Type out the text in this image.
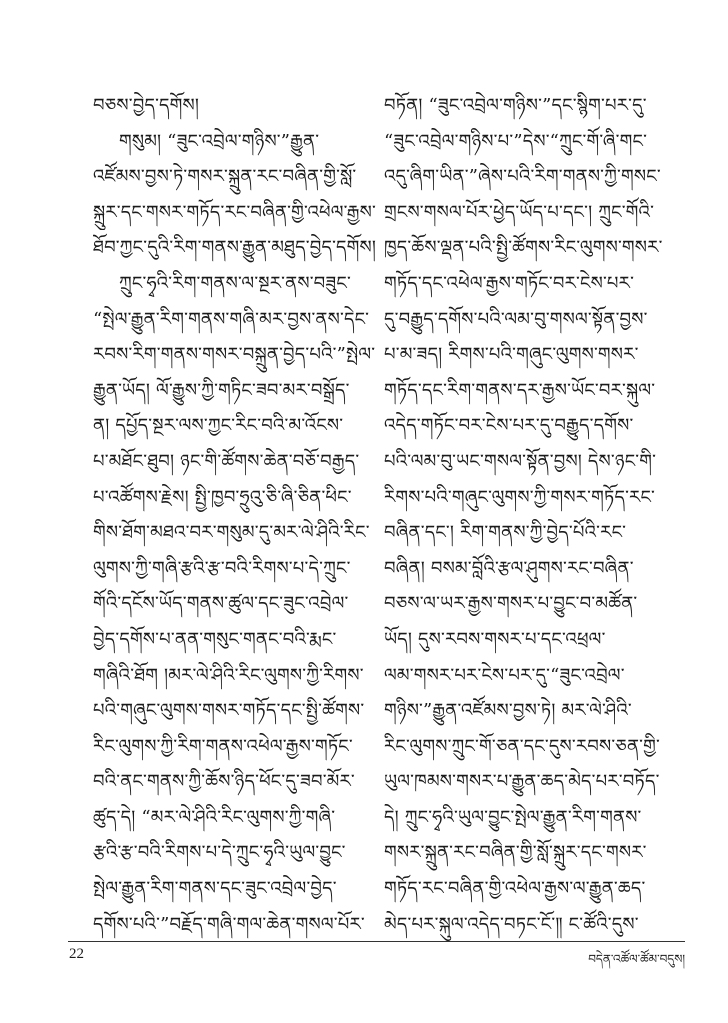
བཅས་བྱེད་དགོས།
གསུམ། “ཟུང་འབྲེལ་གཉིས་”རྒྱུན་
འཛོམས་བྱས་ཏེ་གསར་སྐྲུན་རང་བཞིན་གྱི་སློ་
སྐྲུར་དང་གསར་གཏོད་རང་བཞིན་གྱི་འཕེལ་རྒྱས་
ཐོབ་ཀྱང་དུའི་རིག་གནས་རྒྱུན་མཐུད་བྱེད་དགོས།
ཀྲུང་ཧྭའི་རིག་གནས་ལ་སྔར་ནས་བཟུང་
“སྤེལ་རྒྱུན་རིག་གནས་གཞི་མར་བྱས་ནས་དེང་
རབས་རིག་གནས་གསར་བསྐྲུན་བྱེད་པའི་”སྤེལ་
རྒྱུན་ཡོད། ལོ་རྒྱུས་ཀྱི་གཏིང་ཟབ་མར་བསྒྲོད་
ན། དཔྱོད་སྔར་ལས་ཀྱང་རིང་བའི་མ་འོངས་
པ་མཐོང་ཐུབ། ཉང་གི་ཚོགས་ཆེན་བཅོ་བརྒྱད་
པ་འཚོགས་རྗེས། སྤྱི་ཁྱབ་ཧྲུའུ་ཅི་ཞི་ཅིན་ཕིང་
གིས་ཐོག་མཐའ་བར་གསུམ་དུ་མར་ལེ་ཤིའི་རིང་
ལུགས་ཀྱི་གཞི་རྩའི་རྩ་བའི་རིགས་པ་དེ་ཀྲུང་
གོའི་དངོས་ཡོད་གནས་ཚུལ་དང་ཟུང་འབྲེལ་
བྱེད་དགོས་པ་ནན་གསུང་གནང་བའི་རྨང་
གཞིའི་ཐོག །མར་ལེ་ཤིའི་རིང་ལུགས་ཀྱི་རིགས་
པའི་གཞུང་ལུགས་གསར་གཏོད་དང་སྤྱི་ཚོགས་
རིང་ལུགས་ཀྱི་རིག་གནས་འཕེལ་རྒྱས་གཏོང་
བའི་ནང་གནས་ཀྱི་ཆོས་ཉིད་ཕོང་དུ་ཟབ་མོར་
ཚུད་དེ། “མར་ལེ་ཤིའི་རིང་ལུགས་ཀྱི་གཞི་
རྩའི་རྩ་བའི་རིགས་པ་དེ་ཀྲུང་ཧྭའི་ཡུལ་བྱུང་
སྤེལ་རྒྱུན་རིག་གནས་དང་ཟུང་འབྲེལ་བྱེད་
དགོས་པའི་”བརྗོད་གཞི་གལ་ཆེན་གསལ་པོར་
བཏོན། “ཟུང་འབྲེལ་གཉིས་”དང་སྙིག་པར་དུ་
“ཟུང་འབྲེལ་གཉིས་པ་”དེས་“ཀྲུང་གོ་ཞི་གང་
འདུ་ཞིག་ཡིན་”ཞེས་པའི་རིག་གནས་ཀྱི་གསང་
གྲངས་གསལ་པོར་ཕྱེད་ཡོད་པ་དང་། ཀྲུང་གོའི་
ཁྱད་ཆོས་ལྡན་པའི་སྤྱི་ཚོགས་རིང་ལུགས་གསར་
གཏོད་དང་འཕེལ་རྒྱས་གཏོང་བར་ངེས་པར་
དུ་བརྒྱུད་དགོས་པའི་ལམ་བུ་གསལ་སྟོན་བྱས་
པ་མ་ཟད། རིགས་པའི་གཞུང་ལུགས་གསར་
གཏོད་དང་རིག་གནས་དར་རྒྱས་ཡོང་བར་སྐུལ་
འདེད་གཏོང་བར་ངེས་པར་དུ་བརྒྱུད་དགོས་
པའི་ལམ་བུ་ཡང་གསལ་སྟོན་བྱས། དེས་ཉང་གི་
རིགས་པའི་གཞུང་ལུགས་ཀྱི་གསར་གཏོད་རང་
བཞིན་དང་། རིག་གནས་ཀྱི་བྱེད་པོའི་རང་
བཞིན། བསམ་བློའི་རྩལ་ཤུགས་རང་བཞིན་
བཅས་ལ་ཡར་རྒྱས་གསར་པ་བྱུང་བ་མཚོན་
ཡོད། དུས་རབས་གསར་པ་དང་འཕྲལ་
ལམ་གསར་པར་ངེས་པར་དུ་“ཟུང་འབྲེལ་
གཉིས་”རྒྱུན་འཛོམས་བྱས་ཏེ། མར་ལེ་ཤིའི་
རིང་ལུགས་ཀྲུང་གོ་ཅན་དང་དུས་རབས་ཅན་གྱི་
ཡུལ་ཁམས་གསར་པ་རྒྱུན་ཆད་མེད་པར་བཏོད་
དེ། ཀྲུང་ཧྭའི་ཡུལ་བྱུང་སྤེལ་རྒྱུན་རིག་གནས་
གསར་སྐྲུན་རང་བཞིན་གྱི་སློ་སྐྲུར་དང་གསར་
གཏོད་རང་བཞིན་གྱི་འཕེལ་རྒྱས་ལ་རྒྱུན་ཆད་
མེད་པར་སྐུལ་འདེད་བཏང་ངོ་༎ ང་ཚོའི་དུས་
22	བདེན་འཚོལ་ཚོམ་བདུས།
